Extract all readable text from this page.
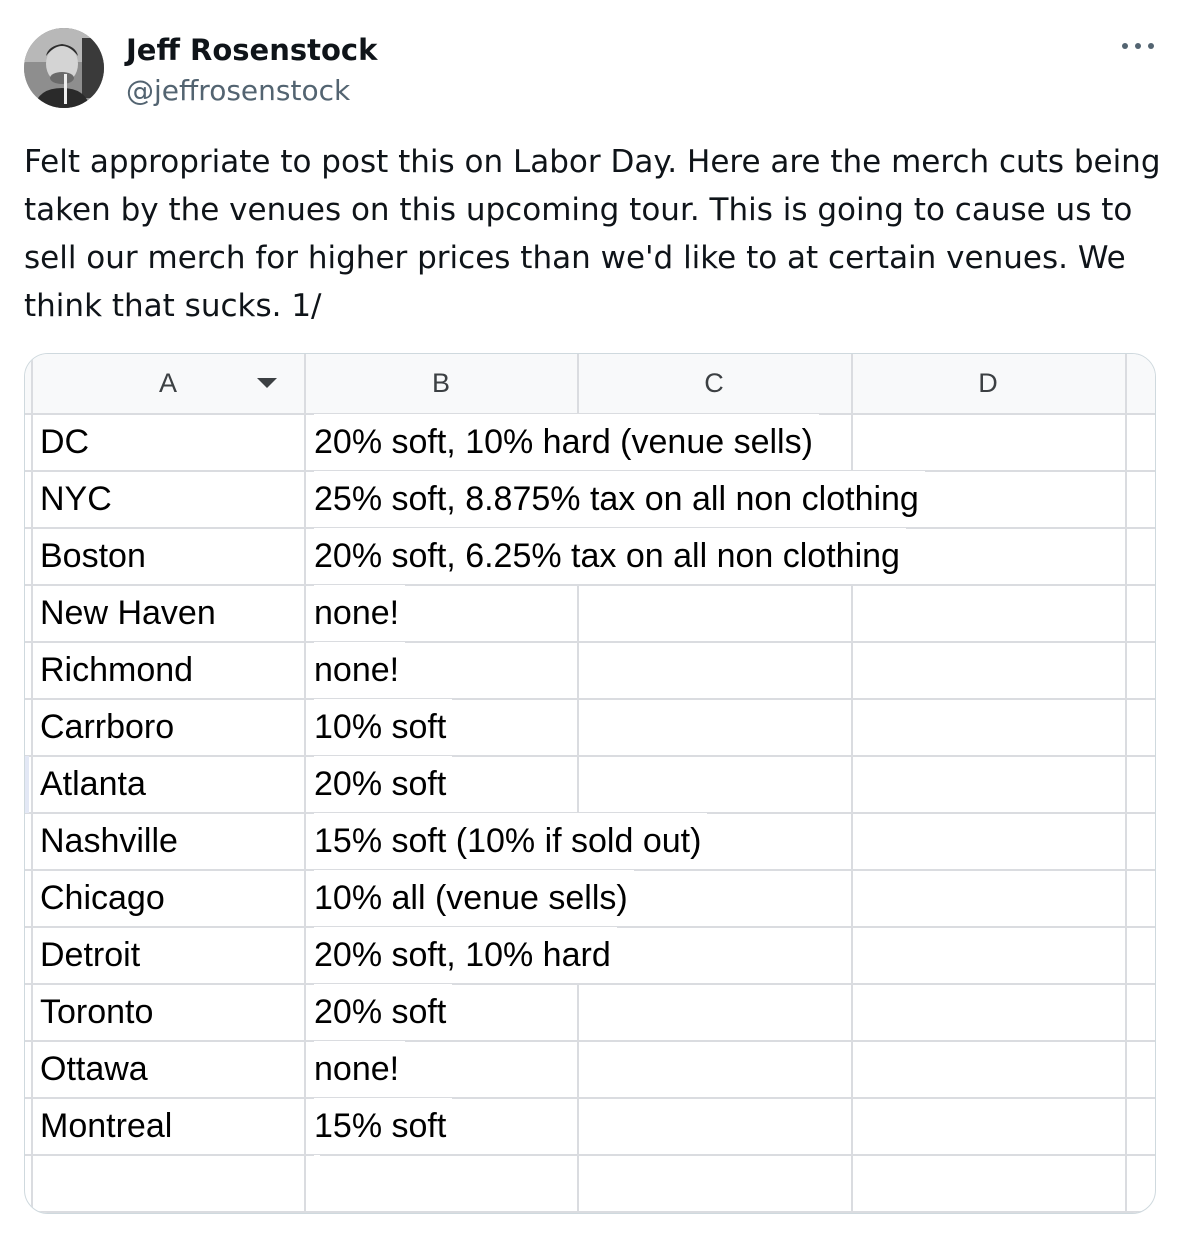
Jeff Rosenstock
@jeffrosenstock
Felt appropriate to post this on Labor Day. Here are the merch cuts being taken by the venues on this upcoming tour. This is going to cause us to sell our merch for higher prices than we'd like to at certain venues. We think that sucks. 1/
A	B	C	D
DC	20% soft, 10% hard (venue sells)
NYC	25% soft, 8.875% tax on all non clothing
Boston	20% soft, 6.25% tax on all non clothing
New Haven	none!
Richmond	none!
Carrboro	10% soft
Atlanta	20% soft
Nashville	15% soft (10% if sold out)
Chicago	10% all (venue sells)
Detroit	20% soft, 10% hard
Toronto	20% soft
Ottawa	none!
Montreal	15% soft
